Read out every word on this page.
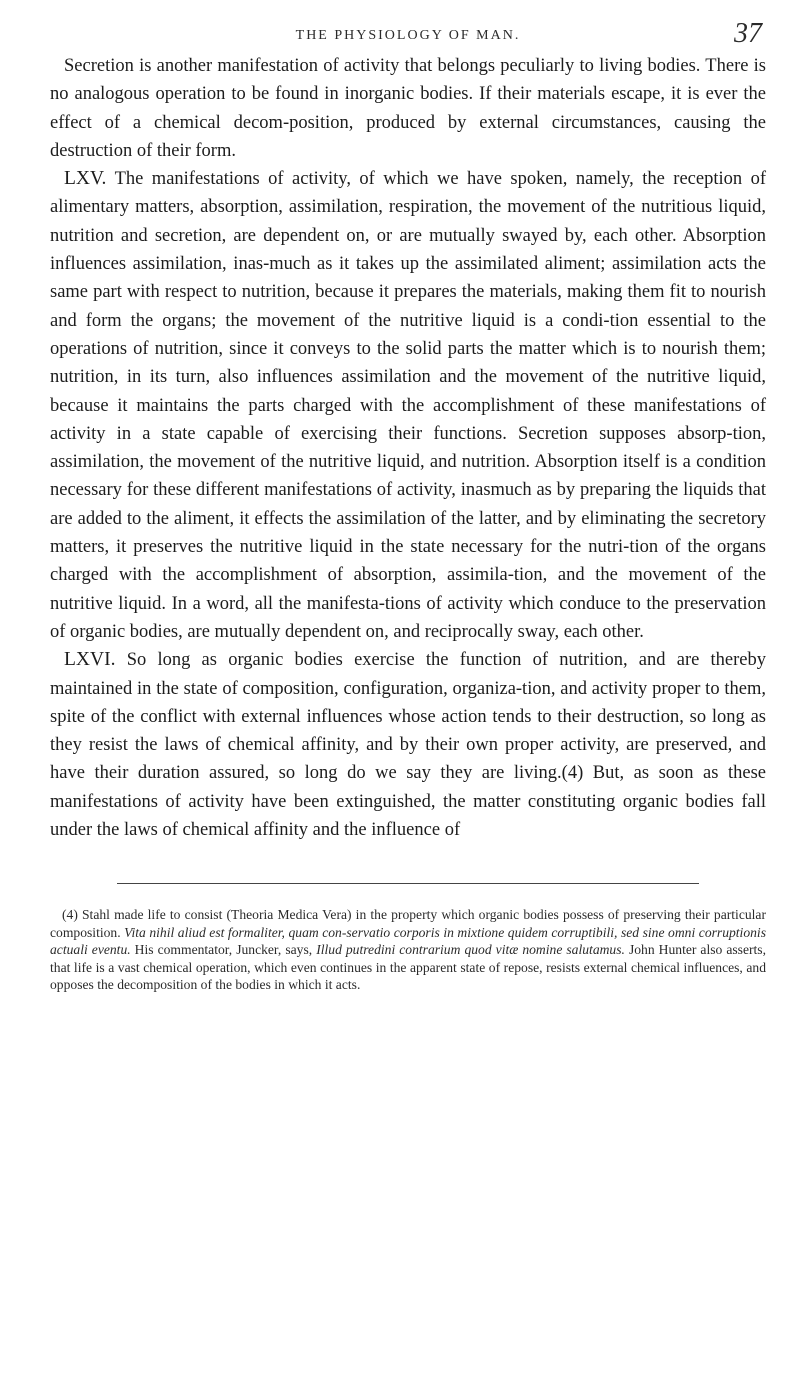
THE PHYSIOLOGY OF MAN.	37

Secretion is another manifestation of activity that belongs peculiarly to living bodies. There is no analogous operation to be found in inorganic bodies. If their materials escape, it is ever the effect of a chemical decom-position, produced by external circumstances, causing the destruction of their form.

LXV. The manifestations of activity, of which we have spoken, namely, the reception of alimentary matters, absorption, assimilation, respiration, the movement of the nutritious liquid, nutrition and secretion, are dependent on, or are mutually swayed by, each other. Absorption influences assimilation, inas-much as it takes up the assimilated aliment; assimilation acts the same part with respect to nutrition, because it prepares the materials, making them fit to nourish and form the organs; the movement of the nutritive liquid is a condi-tion essential to the operations of nutrition, since it conveys to the solid parts the matter which is to nourish them; nutrition, in its turn, also influences assimilation and the movement of the nutritive liquid, because it maintains the parts charged with the accomplishment of these manifestations of activity in a state capable of exercising their functions. Secretion supposes absorp-tion, assimilation, the movement of the nutritive liquid, and nutrition. Absorption itself is a condition necessary for these different manifestations of activity, inasmuch as by preparing the liquids that are added to the aliment, it effects the assimilation of the latter, and by eliminating the secretory matters, it preserves the nutritive liquid in the state necessary for the nutri-tion of the organs charged with the accomplishment of absorption, assimila-tion, and the movement of the nutritive liquid. In a word, all the manifesta-tions of activity which conduce to the preservation of organic bodies, are mutually dependent on, and reciprocally sway, each other.

LXVI. So long as organic bodies exercise the function of nutrition, and are thereby maintained in the state of composition, configuration, organiza-tion, and activity proper to them, spite of the conflict with external influences whose action tends to their destruction, so long as they resist the laws of chemical affinity, and by their own proper activity, are preserved, and have their duration assured, so long do we say they are living.(4) But, as soon as these manifestations of activity have been extinguished, the matter constituting organic bodies fall under the laws of chemical affinity and the influence of

(4) Stahl made life to consist (Theoria Medica Vera) in the property which organic bodies possess of preserving their particular composition. Vita nihil aliud est formaliter, quam con-servatio corporis in mixtione quidem corruptibili, sed sine omni corruptionis actuali eventu. His commentator, Juncker, says, Illud putredini contrarium quod vitæ nomine salutamus. John Hunter also asserts, that life is a vast chemical operation, which even continues in the apparent state of repose, resists external chemical influences, and opposes the decomposition of the bodies in which it acts.
